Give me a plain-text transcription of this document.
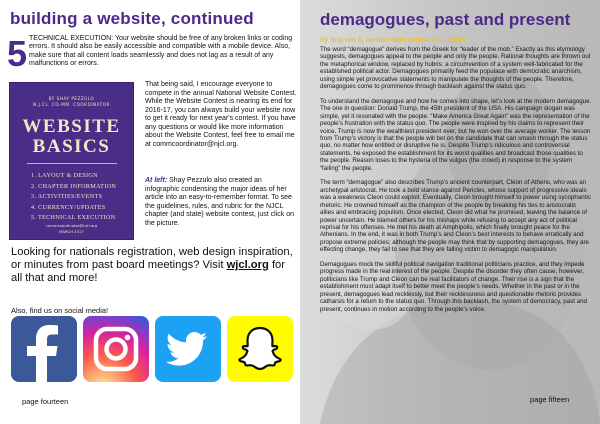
building a website, continued
5 TECHNICAL EXECUTION: Your website should be free of any broken links or coding errors. It should also be easily accessible and compatible with a mobile device. Also, make sure that all content loads seamlessly and does not lag as a result of any malfunctions or errors.
BY SHAY PEZZULO
N.J.CL. CO-MM. COORDINATOR
WEBSITE
BASICS
1. LAYOUT & DESIGN
2. CHAPTER INFORMATION
3. ACTIVITIES/EVENTS
4. CURRENCY/UPDATES
5. TECHNICAL EXECUTION
commcoordinator@njcl.org
MARCH 2017
That being said, I encourage everyone to compete in the annual National Website Contest. While the Website Contest is nearing its end for 2016-17, you can always build your website now to get it ready for next year's contest. If you have any questions or would like more information about the Website Contest, feel free to email me at commcoordinator@njcl.org.
At left: Shay Pezzulo also created an infographic condensing the major ideas of her article into an easy-to-remember format. To see the guidelines, rules, and rubric for the NJCL chapter (and state) website contest, just click on the picture.
Looking for nationals registration, web design inspiration, or minutes from past board meetings? Visit wjcl.org for all that and more!
Also, find us on social media!
page fourteen
demagogues, past and present
by ting wei li, boston latin school JCL editor

The word “demagogue” derives from the Greek for “leader of the mob.” Exactly as this etymology suggests, demagogues appeal to the people and only the people. Rational thoughts are thrown out the metaphorical window, replaced by hubris: a circumvention of a system well-fabricated for the established political actor. Demagogues primarily feed the populace with democratic anarchism, using simple yet provocative statements to manipulate the thoughts of the people. Therefore, demagogues come to prominence through backlash against the status quo.

To understand the demagogue and how he comes into shape, let’s look at the modern demagogue. The one in question: Donald Trump, the 45th president of the USA. His campaign slogan was simple, yet it resonated with the people. “Make America Great Again” was the representation of the people’s frustration with the status quo. The people were inspired by his claims to represent their voice. Trump is now the wealthiest president ever, but he won over the average worker. The lesson from Trump’s victory is that the people will bet on the candidate that can smash through the status quo, no matter how entitled or disruptive he is. Despite Trump’s ridiculous and controversial statements, he exposed the establishment for its worst qualities and broadcast those qualities to the people. Reason loses to the hysteria of the vulgus (the crowd) in response to the system “failing” the people.

The term “demagogue” also describes Trump’s ancient counterpart, Cleon of Athens, who was an archetypal aristocrat. He took a bold stance against Pericles, whose support of progressive ideals was a weakness Cleon could exploit. Eventually, Cleon brought himself to power using sycophantic rhetoric. He crowned himself as the champion of the people by breaking his ties to aristocratic allies and embracing populism. Once elected, Cleon did what he promised, leaving the balance of power uncertain. He blamed others for his mishaps while refusing to accept any act of political reprisal for his offenses. He met his death at Amphipolis, which finally brought peace for the Athenians. In the end, it was in both Trump’s and Cleon’s best interests to behave erratically and propose extreme policies; although the people may think that by supporting demagogues, they are effecting change, they fail to see that they are falling victim to demagogic manipulation.

Demagogues mock the skillful political navigation traditional politicians practice, and they impede progress made in the real interest of the people. Despite the disorder they often cause, however, politicians like Trump and Cleon can be real facilitators of change. Their rise is a sign that the establishment must adapt itself to better meet the people’s needs. Whether in the past or in the present, demagogues lead recklessly, but their recklessness and questionable rhetoric provides catharsis for a return to the status quo. Through this backlash, the system of democracy, past and present, continues in motion according to the people’s voice.

page fifteen
